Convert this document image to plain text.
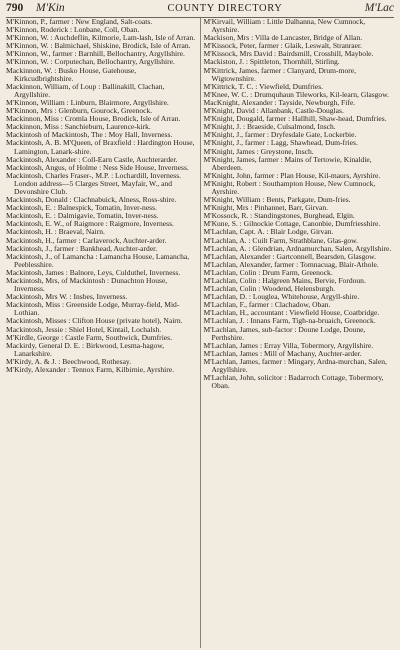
790	M'Kin	COUNTY DIRECTORY	M'Lac

M'Kinnon, P., farmer : New England, Salt-coats.

M'Kinnon, Roderick : Lonbane, Coll, Oban.

M'Kinnon, W. : Auchdeflin, Kilmorie, Lam-lash, Isle of Arran.

M'Kinnon, W. : Balmichael, Shiskine, Brodick, Isle of Arran.

M'Kinnon, W., farmer : Barnhill, Bellochantry, Argyllshire.

M'Kinnon, W. : Corputechan, Bellochantry, Argyllshire.

Mackinnon, W. : Busko House, Gatehouse, Kirkcudbrightshire.

Mackinnon, William, of Loup : Ballinakill, Clachan, Argyllshire.

M'Kinnon, William : Linburn, Blairmore, Argyllshire.

M'Kinnon, Mrs : Glenburn, Gourock, Greenock.

Mackinnon, Miss : Cromla House, Brodick, Isle of Arran.

Mackinnon, Miss : Sanchieburn, Laurence-kirk.

Mackintosh of Mackintosh, The : Moy Hall, Inverness.

Mackintosh, A. B. M'Queen, of Braxfield : Hardington House, Lamington, Lanark-shire.

Mackintosh, Alexander : Coll-Earn Castle, Auchterarder.

Mackintosh, Angus, of Holme : Ness Side House, Inverness.

Mackintosh, Charles Fraser-, M.P. : Lochardill, Inverness. London address—5 Clarges Street, Mayfair, W., and Devonshire Club.

Mackintosh, Donald : Clachnabuick, Alness, Ross-shire.

Mackintosh, E. : Balnespick, Tomatin, Inver-ness.

Mackintosh, E. : Dalmigavie, Tomatin, Inver-ness.

Mackintosh, E. W., of Raigmore : Raigmore, Inverness.

Mackintosh, H. : Braeval, Nairn.

Mackintosh, H., farmer : Carlaverock, Auchter-arder.

Mackintosh, J., farmer : Bankhead, Auchter-arder.

Mackintosh, J., of Lamancha : Lamancha House, Lamancha, Peeblesshire.

Mackintosh, James : Balnore, Leys, Culduthel, Inverness.

Mackintosh, Mrs, of Mackintosh : Dunachton House, Inverness.

Mackintosh, Mrs W. : Insbes, Inverness.

Mackintosh, Miss : Greenside Lodge, Murray-field, Mid-Lothian.

Mackintosh, Misses : Clifton House (private hotel), Nairn.

Mackintosh, Jessie : Shiel Hotel, Kintail, Lochalsh.

M'Kirdle, George : Castle Farm, Southwick, Dumfries.

Mackirdy, General D. E. : Birkwood, Lesma-hagow, Lanarkshire.

M'Kirdy, A. & J. : Beechwood, Rothesay.

M'Kirdy, Alexander : Tennox Farm, Kilbirnie, Ayrshire.

M'Kirvail, William : Little Dalhanna, New Cumnock, Ayrshire.

Mackison, Mrs : Villa de Lancaster, Bridge of Allan.

M'Kissock, Peter, farmer : Glaik, Leswalt, Stranraer.

M'Kissock, Mrs David : Bairdsmill, Crosshill, Maybole.

Mackiston, J. : Spittleton, Thornhill, Stirling.

M'Kittrick, James, farmer : Clanyard, Drum-more, Wigtownshire.

M'Kittrick, T. C. : Viewfield, Dumfries.

M'Knee, W. C. : Drumquhaun Tileworks, Kil-learn, Glasgow.

MacKnight, Alexander : Tayside, Newburgh, Fife.

M'Knight, David : Allanbank, Castle-Douglas.

M'Knight, Dougald, farmer : Hallhill, Shaw-head, Dumfries.

M'Knight, J. : Braeside, Culsalmond, Insch.

M'Knight, J., farmer : Dryfesdale Gate, Lockerbie.

M'Knight, J., farmer : Lagg, Shawhead, Dum-fries.

M'Knight, James : Greystone, Insch.

M'Knight, James, farmer : Mains of Tertowie, Kinaldie, Aberdeen.

M'Knight, John, farmer : Plan House, Kil-maurs, Ayrshire.

M'Knight, Robert : Southampton House, New Cumnock, Ayrshire.

M'Knight, William : Bents, Parkgate, Dum-fries.

M'Knight, Mrs : Pinhannet, Barr, Girvan.

M'Kossock, R. : Standingstones, Burghead, Elgin.

M'Kune, S. : Gilnockie Cottage, Canonbie, Dumfriesshire.

M'Lachlan, Capt. A. : Blair Lodge, Girvan.

M'Lachlan, A. : Cuilt Farm, Strathblane, Glas-gow.

M'Lachlan, A. : Glendrian, Ardnamurchan, Salen, Argyllshire.

M'Lachlan, Alexander : Gartconnell, Bearsden, Glasgow.

M'Lachlan, Alexander, farmer : Tomnacuag, Blair-Athole.

M'Lachlan, Colin : Drum Farm, Greenock.

M'Lachlan, Colin : Halgreen Mains, Bervie, Fordoun.

M'Lachlan, Colin : Woodend, Helensburgh.

M'Lachlan, D. : Louglea, Whitehouse, Argyll-shire.

M'Lachlan, F., farmer : Clachadow, Oban.

M'Lachlan, H., accountant : Viewfield House, Coatbridge.

M'Lachlan, J. : Innans Farm, Tigh-na-bruaich, Greenock.

M'Lachlan, James, sub-factor : Doune Lodge, Doune, Perthshire.

M'Lachlan, James : Erray Villa, Tobermory, Argyllshire.

M'Lachlan, James : Mill of Machany, Auchter-arder.

M'Lachlan, James, farmer : Mingary, Ardna-murchan, Salen, Argyllshire.

M'Lachlan, John, solicitor : Badarroch Cottage, Tobermory, Oban.
